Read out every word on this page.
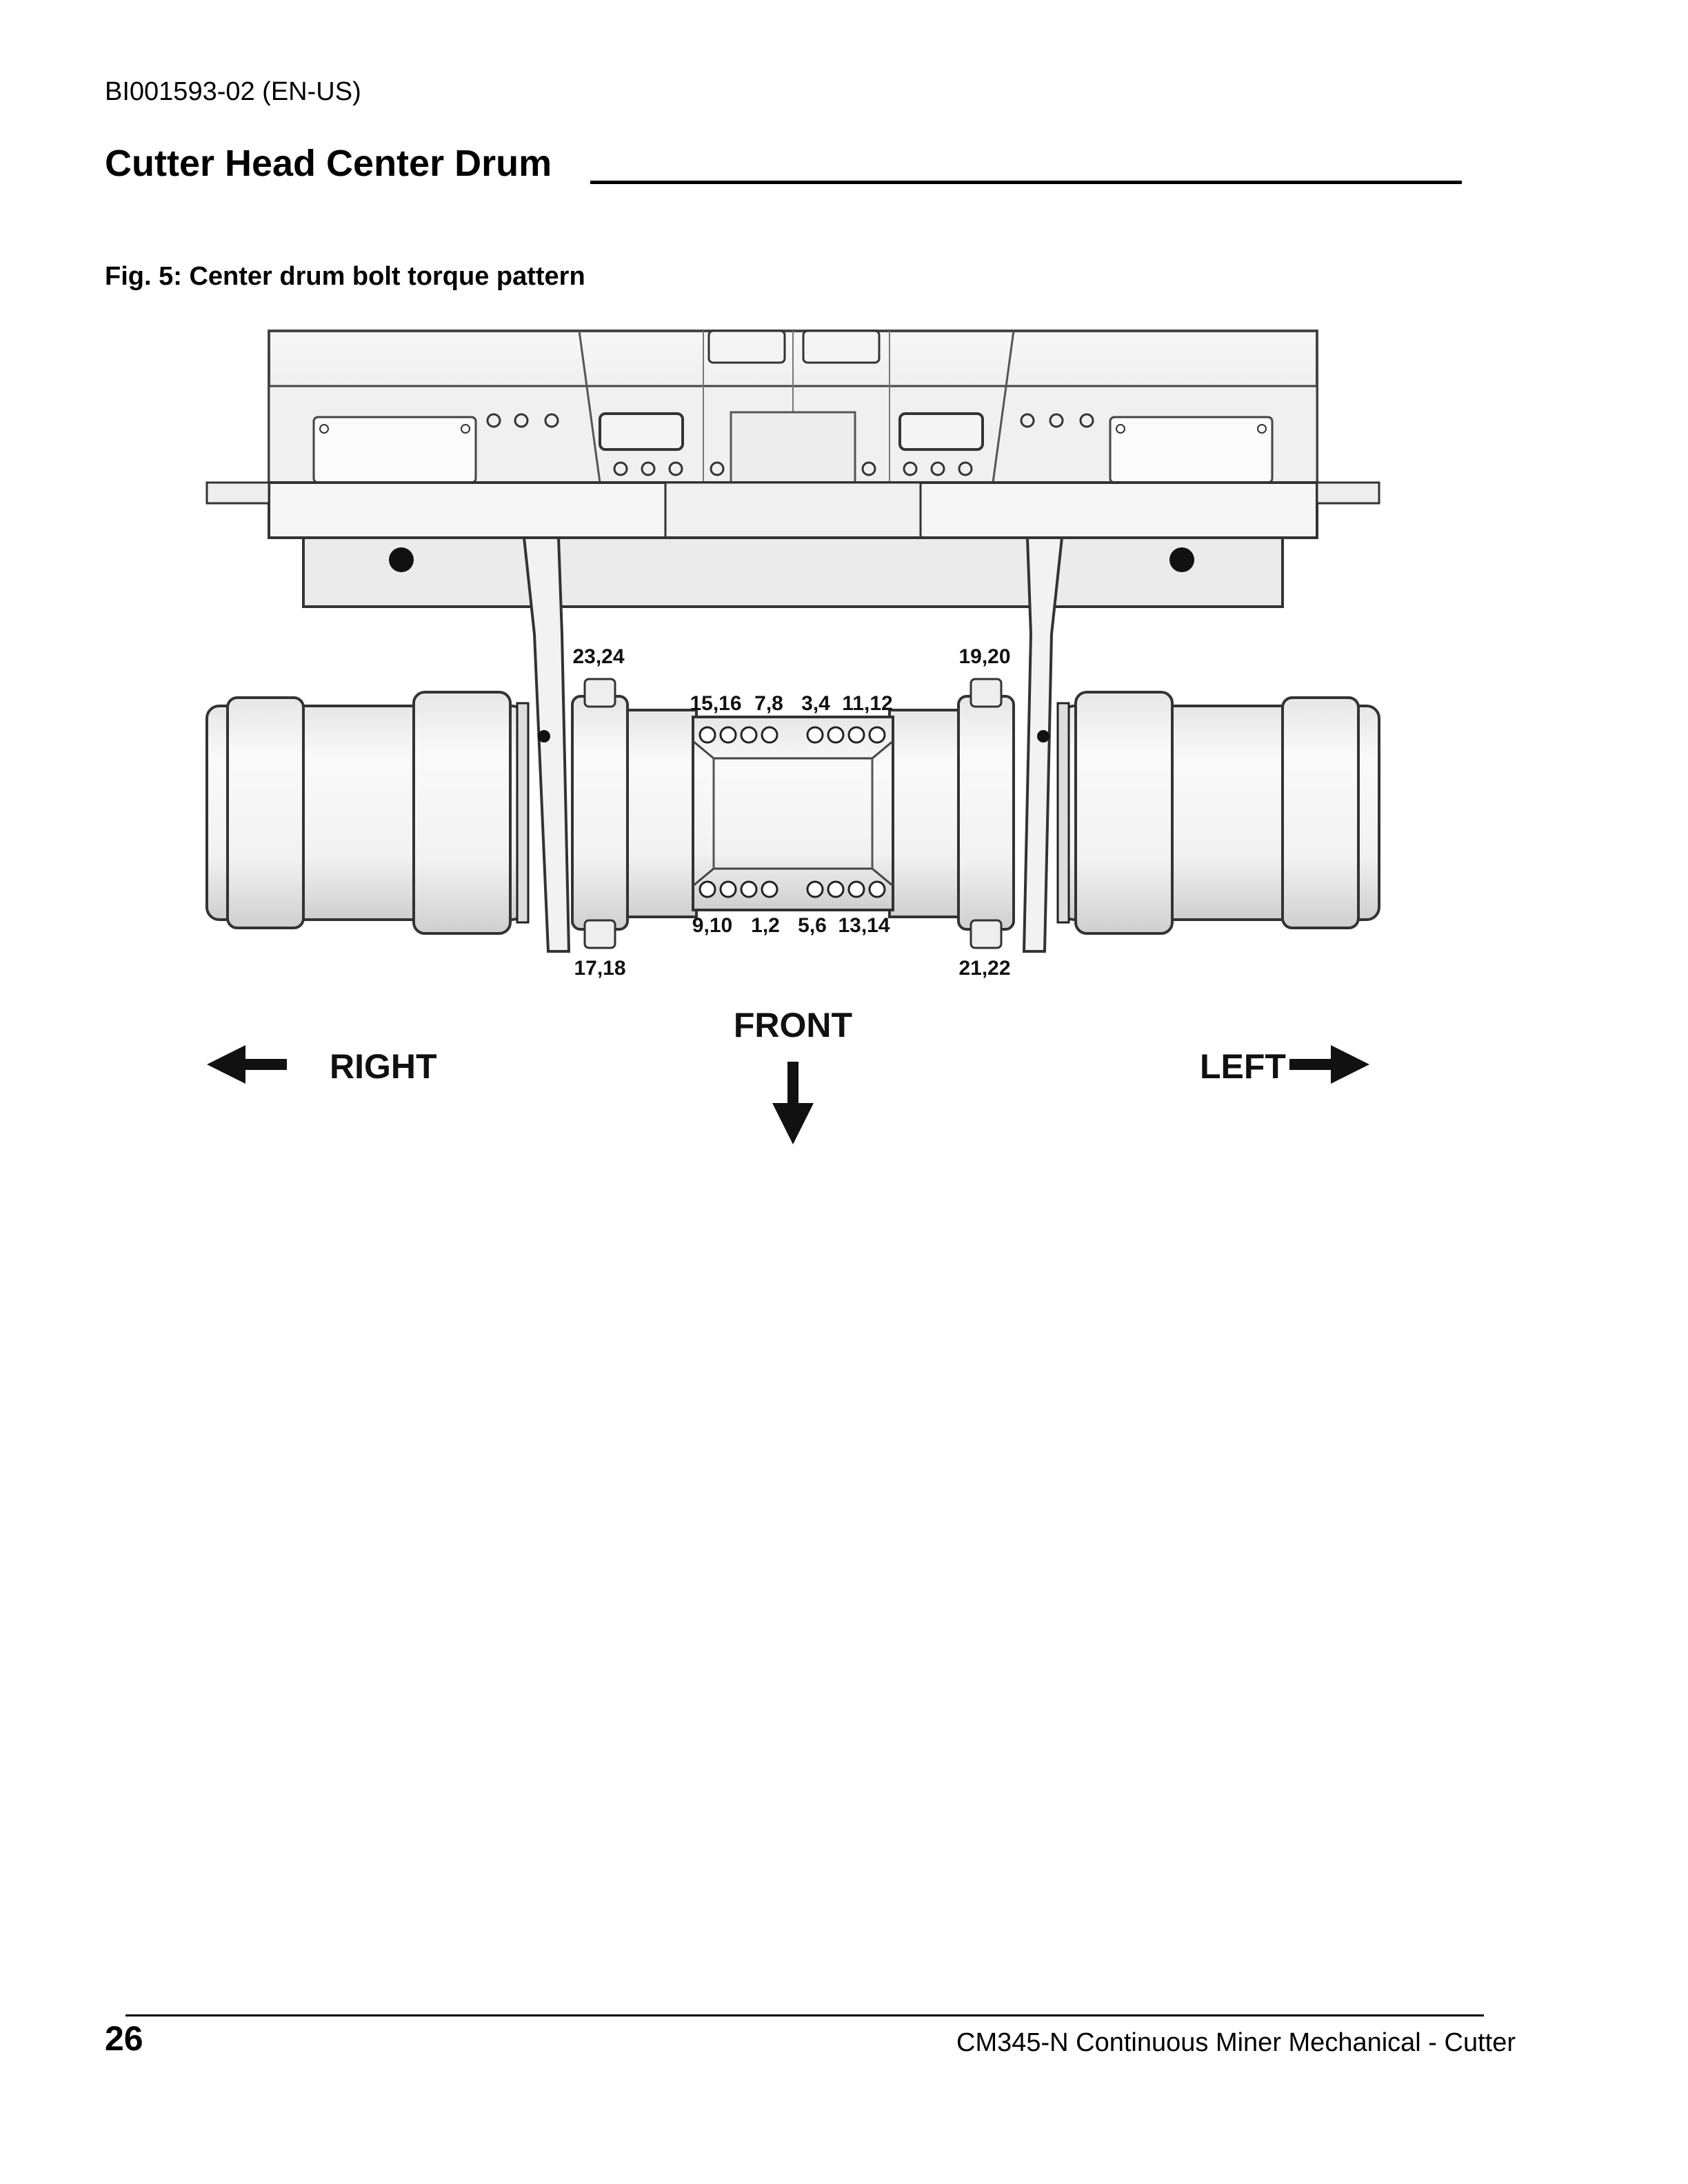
BI001593-02 (EN-US)
Cutter Head Center Drum
Fig. 5: Center drum bolt torque pattern
23,24	19,20
15,16 7,8 3,4 11,12
9,10 1,2 5,6 13,14
17,18	21,22
FRONT
RIGHT	LEFT
26	CM345-N Continuous Miner Mechanical - Cutter
